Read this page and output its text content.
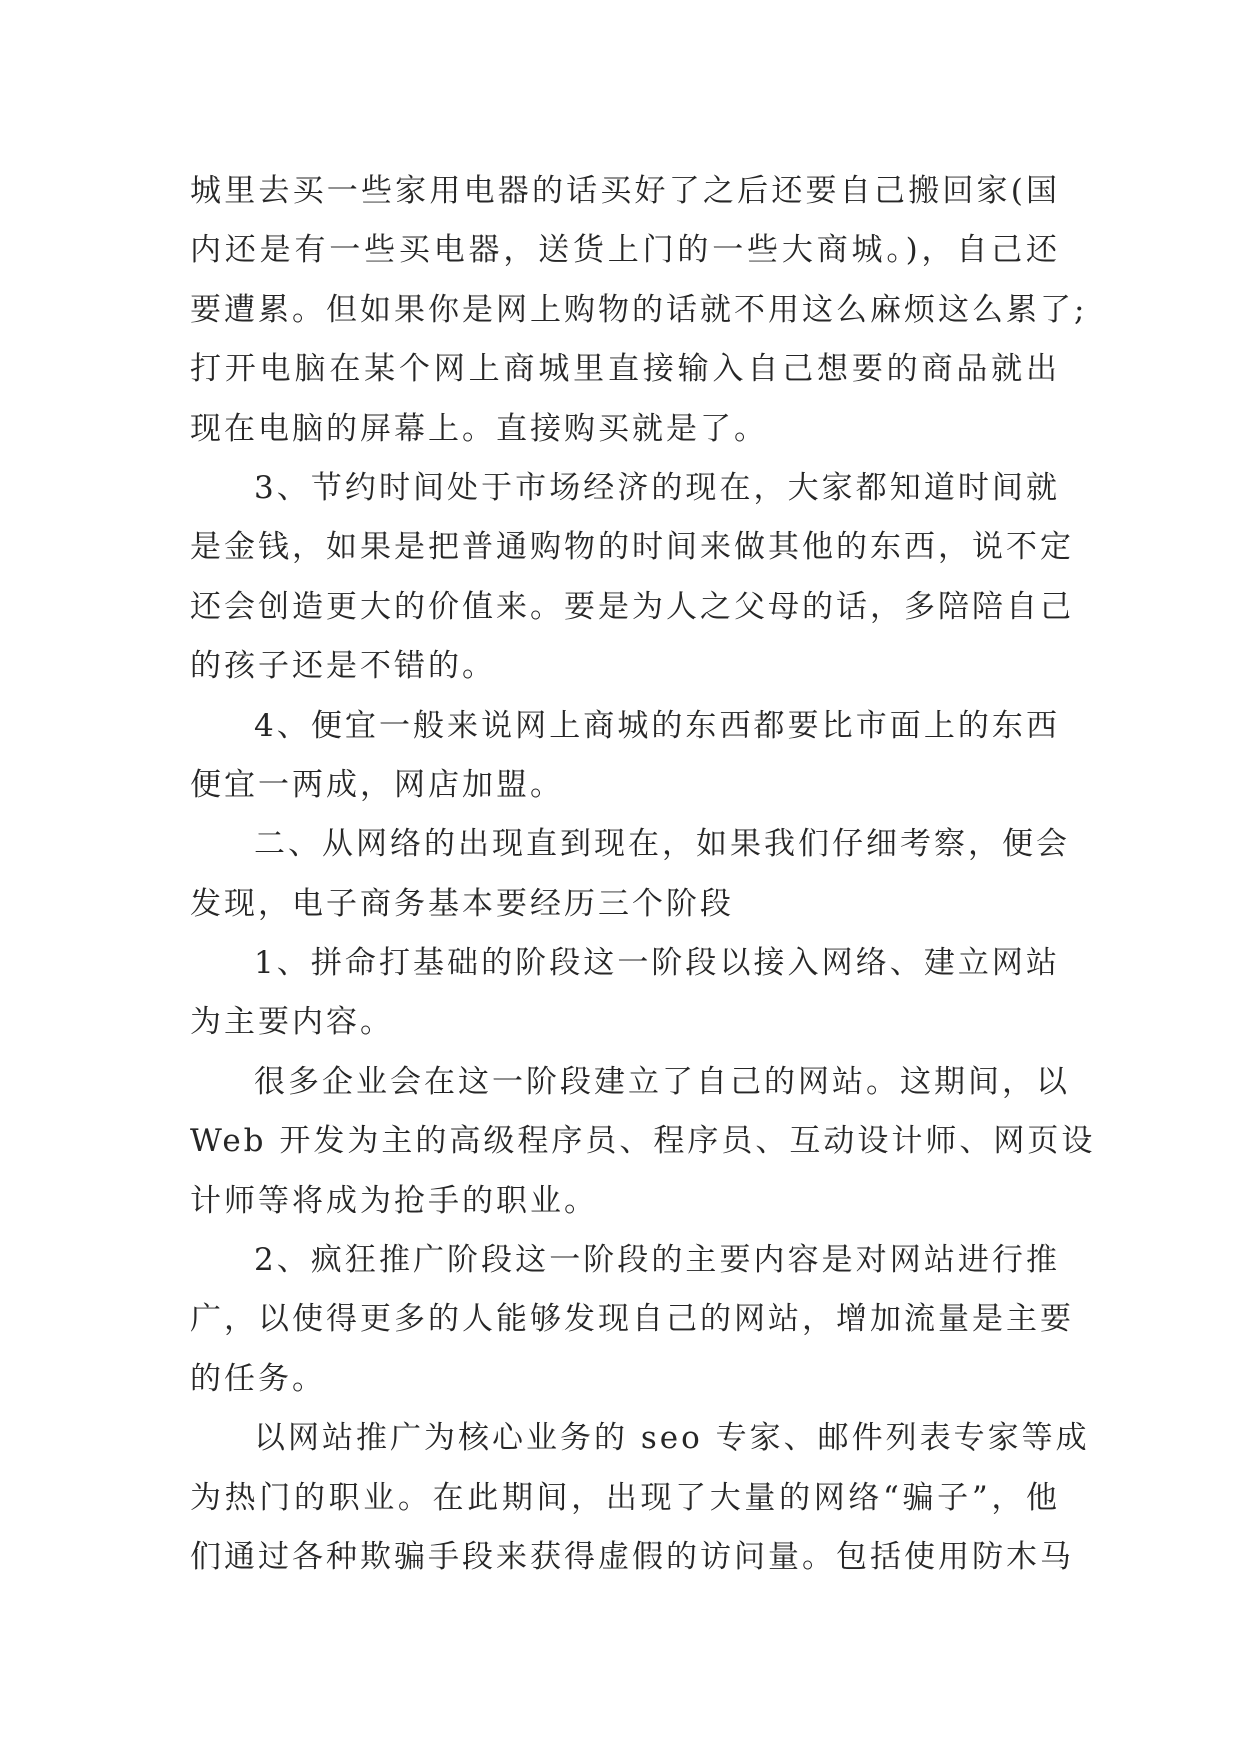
城里去买一些家用电器的话买好了之后还要自己搬回家(国
内还是有一些买电器，送货上门的一些大商城。)，自己还
要遭累。但如果你是网上购物的话就不用这么麻烦这么累了;
打开电脑在某个网上商城里直接输入自己想要的商品就出
现在电脑的屏幕上。直接购买就是了。
3、节约时间处于市场经济的现在，大家都知道时间就
是金钱，如果是把普通购物的时间来做其他的东西，说不定
还会创造更大的价值来。要是为人之父母的话，多陪陪自己
的孩子还是不错的。
4、便宜一般来说网上商城的东西都要比市面上的东西
便宜一两成，网店加盟。
二、从网络的出现直到现在，如果我们仔细考察，便会
发现，电子商务基本要经历三个阶段
1、拼命打基础的阶段这一阶段以接入网络、建立网站
为主要内容。
很多企业会在这一阶段建立了自己的网站。这期间，以
Web 开发为主的高级程序员、程序员、互动设计师、网页设
计师等将成为抢手的职业。
2、疯狂推广阶段这一阶段的主要内容是对网站进行推
广，以使得更多的人能够发现自己的网站，增加流量是主要
的任务。
以网站推广为核心业务的 seo 专家、邮件列表专家等成
为热门的职业。在此期间，出现了大量的网络“骗子”，他
们通过各种欺骗手段来获得虚假的访问量。包括使用防木马
